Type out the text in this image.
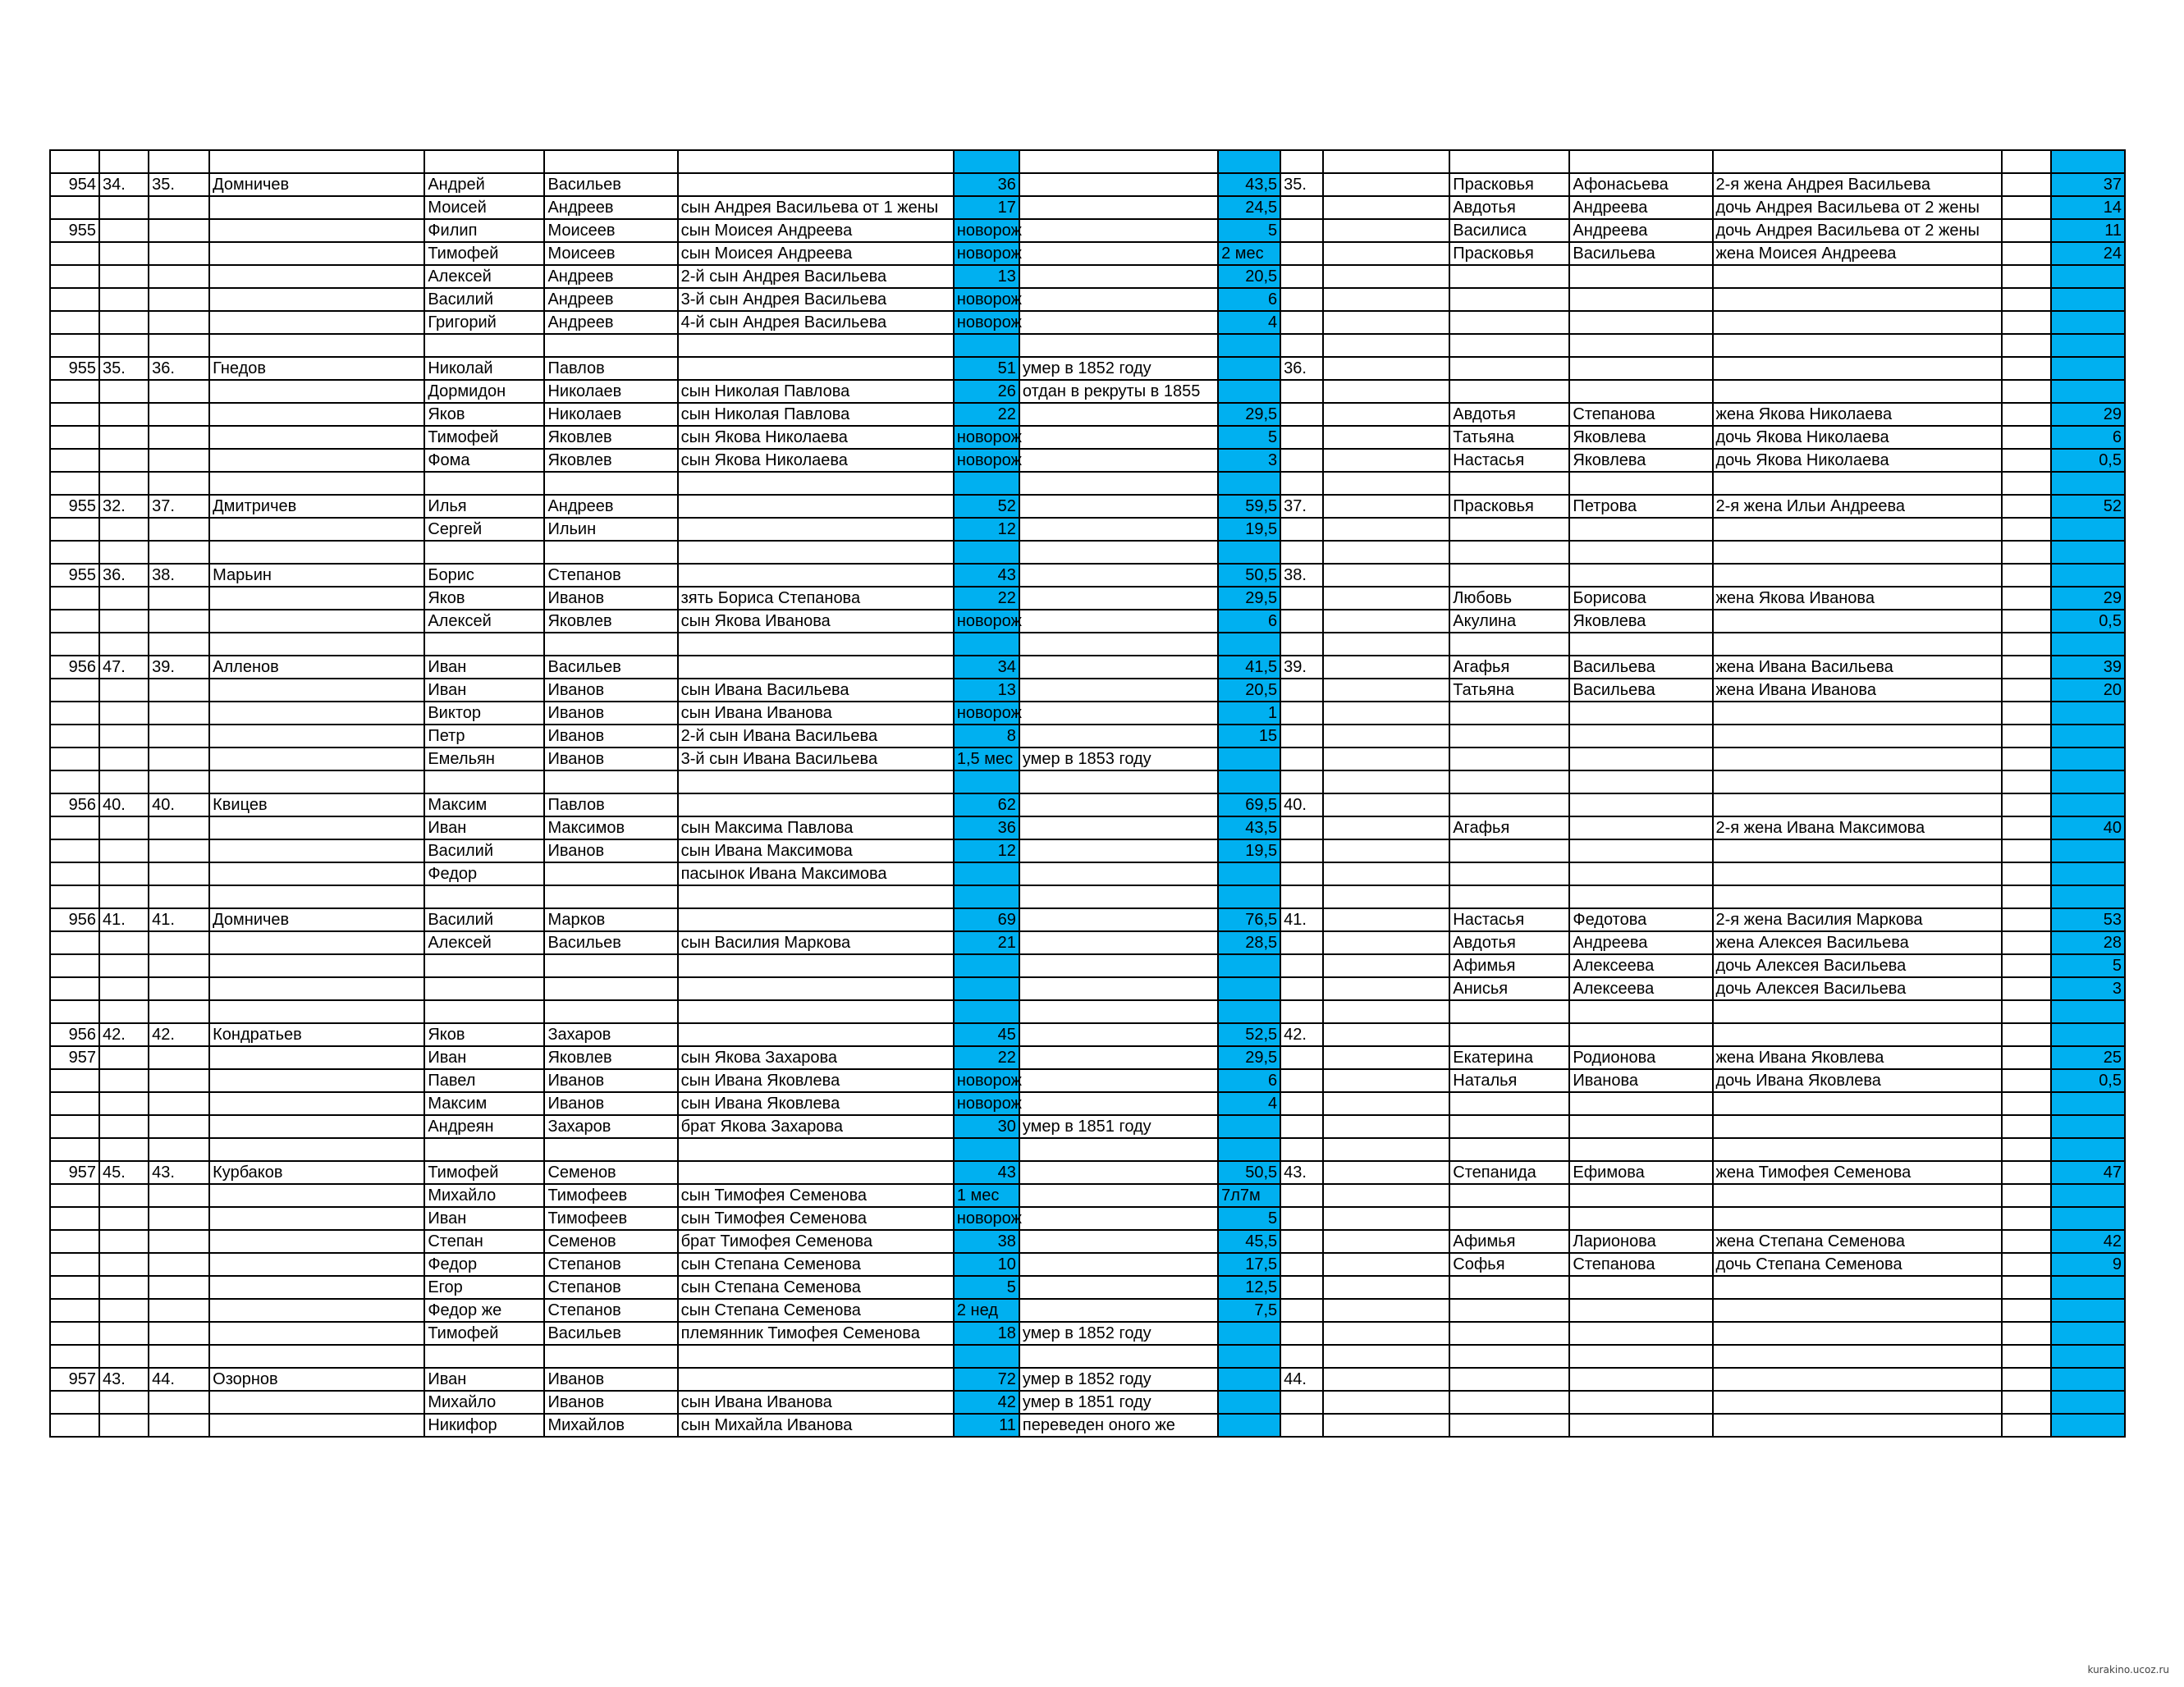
954	34.	35.	Домничев	Андрей	Васильев		36		43,5	35.		Прасковья	Афонасьева	2-я жена Андрея Васильева		37
				Моисей	Андреев	сын Андрея Васильева от 1 жены	17		24,5			Авдотья	Андреева	дочь Андрея Васильева от 2 жены		14
955				Филип	Моисеев	сын Моисея Андреева	новорож		5			Василиса	Андреева	дочь Андрея Васильева от 2 жены		11
				Тимофей	Моисеев	сын Моисея Андреева	новорож		2 мес			Прасковья	Васильева	жена Моисея Андреева		24
				Алексей	Андреев	2-й сын Андрея Васильева	13		20,5							
				Василий	Андреев	3-й сын Андрея Васильева	новорож		6							
				Григорий	Андреев	4-й сын Андрея Васильева	новорож		4							

955	35.	36.	Гнедов	Николай	Павлов		51	умер в 1852 году		36.						
				Дормидон	Николаев	сын Николая Павлова	26	отдан в рекруты в 1855								
				Яков	Николаев	сын Николая Павлова	22		29,5			Авдотья	Степанова	жена Якова Николаева		29
				Тимофей	Яковлев	сын Якова Николаева	новорож		5			Татьяна	Яковлева	дочь Якова Николаева		6
				Фома	Яковлев	сын Якова Николаева	новорож		3			Настасья	Яковлева	дочь Якова Николаева		0,5

955	32.	37.	Дмитричев	Илья	Андреев		52		59,5	37.		Прасковья	Петрова	2-я жена Ильи Андреева		52
				Сергей	Ильин		12		19,5							

955	36.	38.	Марьин	Борис	Степанов		43		50,5	38.						
				Яков	Иванов	зять Бориса Степанова	22		29,5			Любовь	Борисова	жена Якова Иванова		29
				Алексей	Яковлев	сын Якова Иванова	новорож		6			Акулина	Яковлева			0,5

956	47.	39.	Алленов	Иван	Васильев		34		41,5	39.		Агафья	Васильева	жена Ивана Васильева		39
				Иван	Иванов	сын Ивана Васильева	13		20,5			Татьяна	Васильева	жена Ивана Иванова		20
				Виктор	Иванов	сын Ивана Иванова	новорож		1							
				Петр	Иванов	2-й сын Ивана Васильева	8		15							
				Емельян	Иванов	3-й сын Ивана Васильева	1,5 мес	умер в 1853 году								

956	40.	40.	Квицев	Максим	Павлов		62		69,5	40.						
				Иван	Максимов	сын Максима Павлова	36		43,5			Агафья		2-я жена Ивана Максимова		40
				Василий	Иванов	сын Ивана Максимова	12		19,5							
				Федор		пасынок Ивана Максимова										

956	41.	41.	Домничев	Василий	Марков		69		76,5	41.		Настасья	Федотова	2-я жена Василия Маркова		53
				Алексей	Васильев	сын Василия Маркова	21		28,5			Авдотья	Андреева	жена Алексея Васильева		28
												Афимья	Алексеева	дочь Алексея Васильева		5
												Анисья	Алексеева	дочь Алексея Васильева		3

956	42.	42.	Кондратьев	Яков	Захаров		45		52,5	42.						
957				Иван	Яковлев	сын Якова Захарова	22		29,5			Екатерина	Родионова	жена Ивана Яковлева		25
				Павел	Иванов	сын Ивана Яковлева	новорож		6			Наталья	Иванова	дочь Ивана Яковлева		0,5
				Максим	Иванов	сын Ивана Яковлева	новорож		4							
				Андреян	Захаров	брат Якова Захарова	30	умер в 1851 году								

957	45.	43.	Курбаков	Тимофей	Семенов		43		50,5	43.		Степанида	Ефимова	жена Тимофея Семенова		47
				Михайло	Тимофеев	сын Тимофея Семенова	1 мес		7л7м							
				Иван	Тимофеев	сын Тимофея Семенова	новорож		5							
				Степан	Семенов	брат Тимофея Семенова	38		45,5			Афимья	Ларионова	жена Степана Семенова		42
				Федор	Степанов	сын Степана Семенова	10		17,5			Софья	Степанова	дочь Степана Семенова		9
				Егор	Степанов	сын Степана Семенова	5		12,5							
				Федор же	Степанов	сын Степана Семенова	2 нед		7,5							
				Тимофей	Васильев	племянник Тимофея Семенова	18	умер в 1852 году								

957	43.	44.	Озорнов	Иван	Иванов		72	умер в 1852 году		44.						
				Михайло	Иванов	сын Ивана Иванова	42	умер в 1851 году								
				Никифор	Михайлов	сын Михайла Иванова	11	переведен оного же								
kurakino.ucoz.ru
